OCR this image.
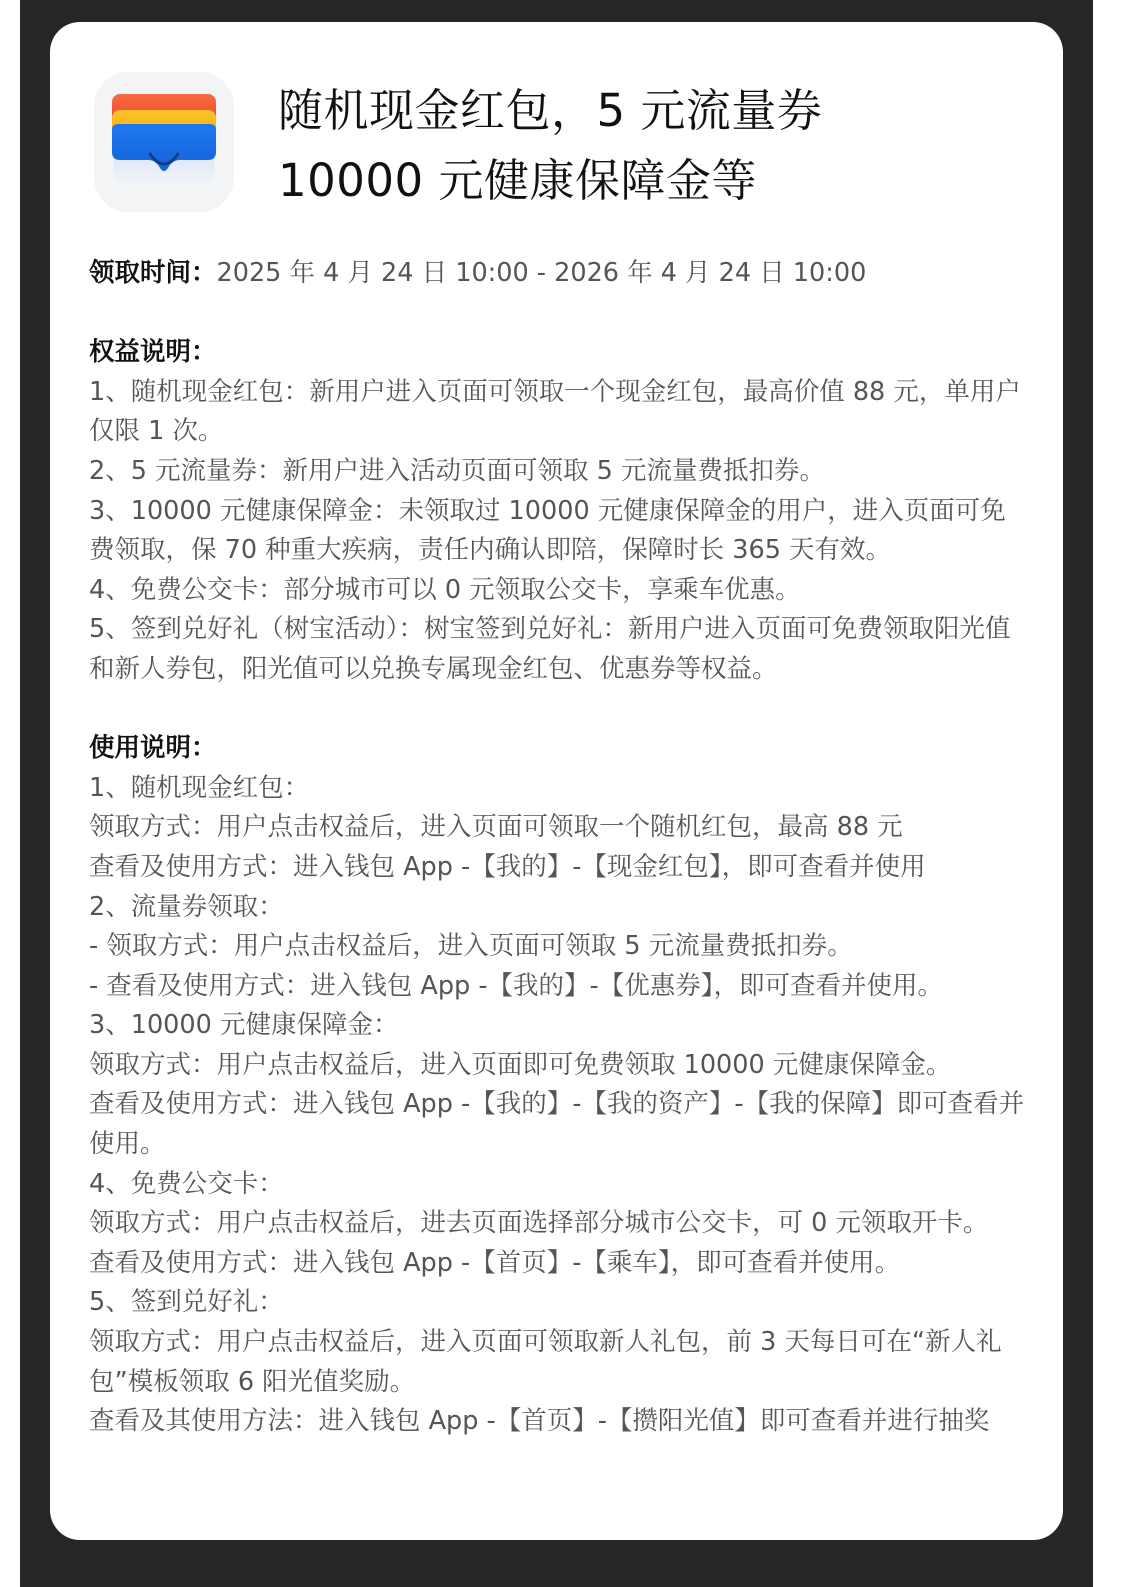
随机现金红包，5 元流量券
10000 元健康保障金等
领取时间：2025 年 4 月 24 日 10:00 - 2026 年 4 月 24 日 10:00
权益说明：
1、随机现金红包：新用户进入页面可领取一个现金红包，最高价值 88 元，单用户仅限 1 次。
2、5 元流量券：新用户进入活动页面可领取 5 元流量费抵扣券。
3、10000 元健康保障金：未领取过 10000 元健康保障金的用户，进入页面可免费领取，保 70 种重大疾病，责任内确认即陪，保障时长 365 天有效。
4、免费公交卡：部分城市可以 0 元领取公交卡，享乘车优惠。
5、签到兑好礼（树宝活动）：树宝签到兑好礼：新用户进入页面可免费领取阳光值和新人券包，阳光值可以兑换专属现金红包、优惠券等权益。
使用说明：
1、随机现金红包：
领取方式：用户点击权益后，进入页面可领取一个随机红包，最高 88 元
查看及使用方式：进入钱包 App -【我的】-【现金红包】，即可查看并使用
2、流量券领取：
- 领取方式：用户点击权益后，进入页面可领取 5 元流量费抵扣券。
- 查看及使用方式：进入钱包 App -【我的】-【优惠券】，即可查看并使用。
3、10000 元健康保障金：
领取方式：用户点击权益后，进入页面即可免费领取 10000 元健康保障金。
查看及使用方式：进入钱包 App -【我的】-【我的资产】-【我的保障】即可查看并使用。
4、免费公交卡：
领取方式：用户点击权益后，进去页面选择部分城市公交卡，可 0 元领取开卡。
查看及使用方式：进入钱包 App -【首页】-【乘车】，即可查看并使用。
5、签到兑好礼：
领取方式：用户点击权益后，进入页面可领取新人礼包，前 3 天每日可在“新人礼包”模板领取 6 阳光值奖励。
查看及其使用方法：进入钱包 App -【首页】-【攒阳光值】即可查看并进行抽奖
